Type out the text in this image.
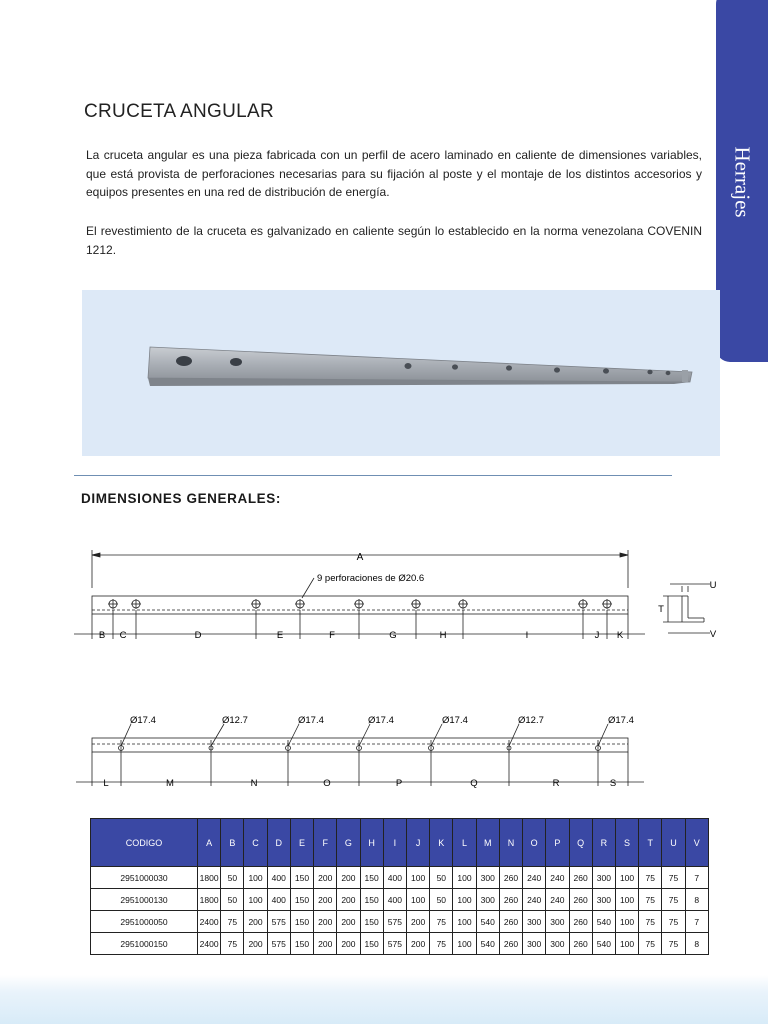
Herrajes
CRUCETA ANGULAR
La cruceta angular es una pieza fabricada con un perfil de acero laminado en caliente de dimensiones variables, que está provista de perforaciones necesarias para su fijación al poste y el montaje de los distintos accesorios y equipos presentes en una red de distribución de energía.
El revestimiento de la cruceta es galvanizado en caliente según lo establecido en la norma venezolana COVENIN 1212.
DIMENSIONES GENERALES:
A
9 perforaciones de Ø20.6
B C	D	E	F	G	H	I	J K
U
T
V
Ø17.4	Ø12.7	Ø17.4	Ø17.4	Ø17.4	Ø12.7	Ø17.4
L	M	N	O	P	Q	R	S
CODIGO	A	B	C	D	E	F	G	H	I	J	K	L	M	N	O	P	Q	R	S	T	U	V
2951000030	1800	50	100	400	150	200	200	150	400	100	50	100	300	260	240	240	260	300	100	75	75	7
2951000130	1800	50	100	400	150	200	200	150	400	100	50	100	300	260	240	240	260	300	100	75	75	8
2951000050	2400	75	200	575	150	200	200	150	575	200	75	100	540	260	300	300	260	540	100	75	75	7
2951000150	2400	75	200	575	150	200	200	150	575	200	75	100	540	260	300	300	260	540	100	75	75	8
